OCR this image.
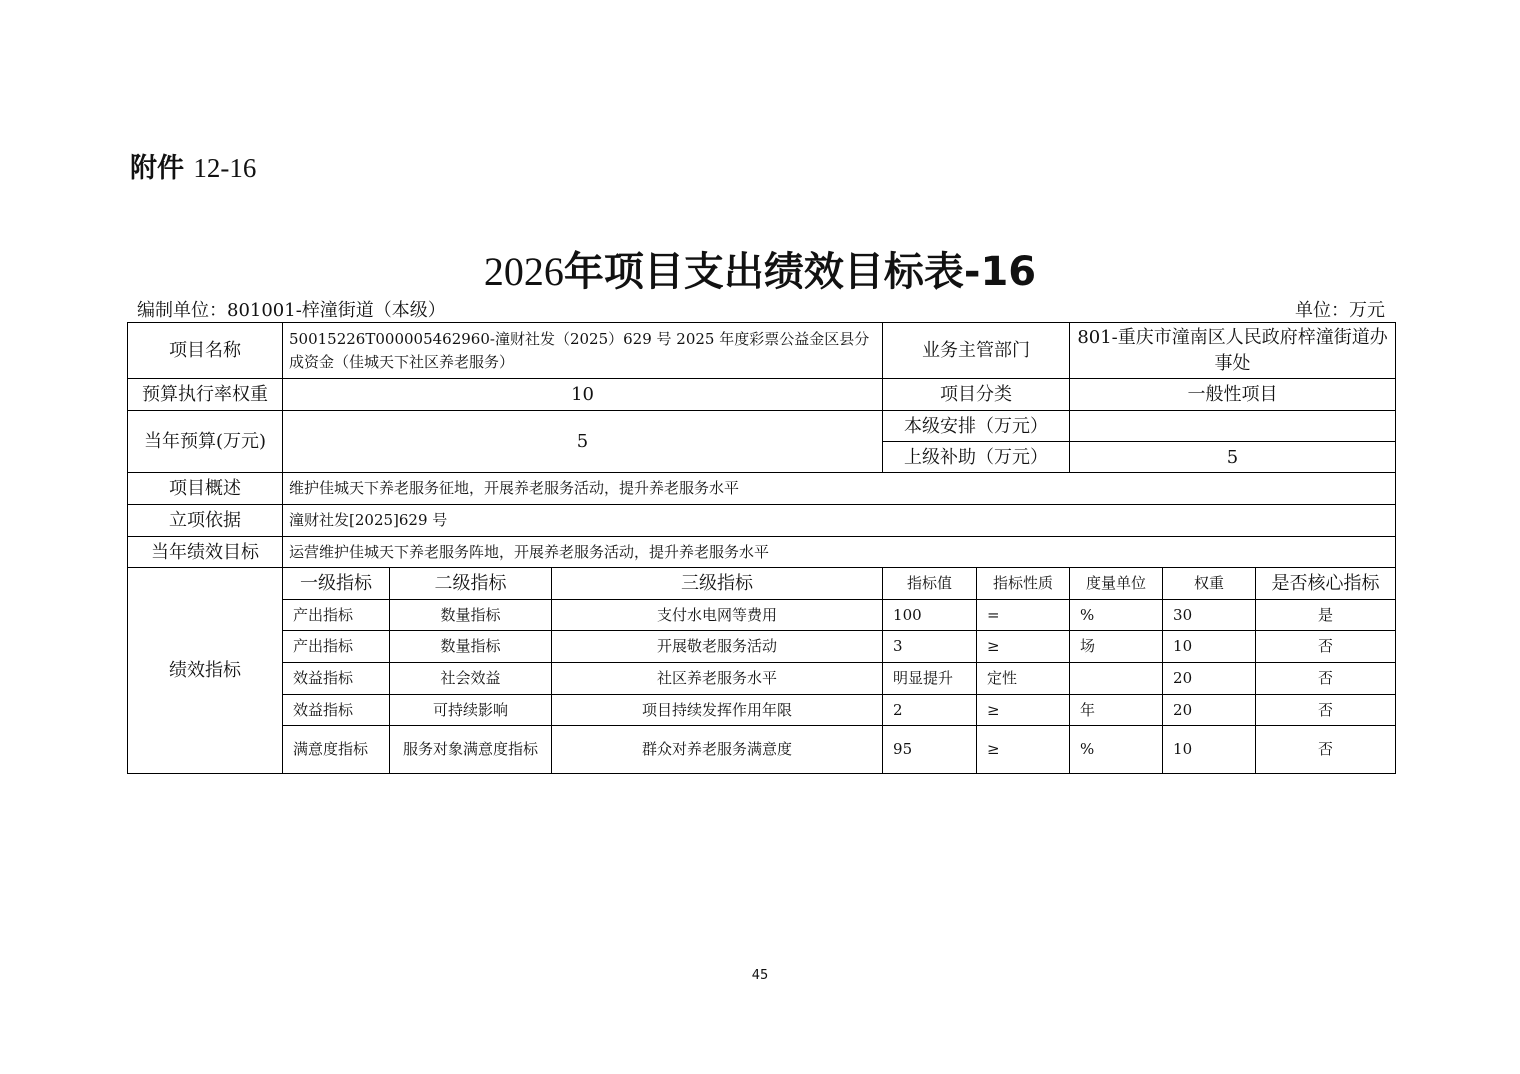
附件 12-16
2026年项目支出绩效目标表-16
编制单位：801001-梓潼街道（本级）	单位：万元
项目名称	50015226T000005462960-潼财社发（2025）629 号 2025 年度彩票公益金区县分成资金（佳城天下社区养老服务）			业务主管部门		801-重庆市潼南区人民政府梓潼街道办事处		
预算执行率权重	10			项目分类		一般性项目		
当年预算(万元)	5			本级安排（万元）				
				上级补助（万元）		5		
项目概述	维护佳城天下养老服务征地，开展养老服务活动，提升养老服务水平							
立项依据	潼财社发[2025]629 号							
当年绩效目标	运营维护佳城天下养老服务阵地，开展养老服务活动，提升养老服务水平							
绩效指标	一级指标	二级指标	三级指标	指标值	指标性质	度量单位	权重	是否核心指标
	产出指标	数量指标	支付水电网等费用	100	=	%	30	是
	产出指标	数量指标	开展敬老服务活动	3	≥	场	10	否
	效益指标	社会效益	社区养老服务水平	明显提升	定性		20	否
	效益指标	可持续影响	项目持续发挥作用年限	2	≥	年	20	否
	满意度指标	服务对象满意度指标	群众对养老服务满意度	95	≥	%	10	否
45
